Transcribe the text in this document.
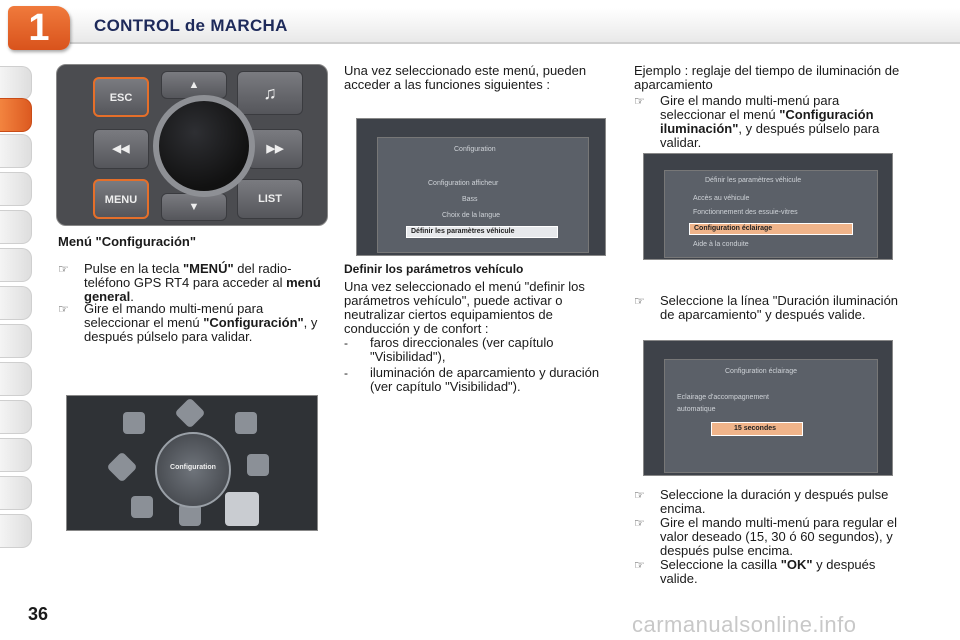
1	CONTROL de MARCHA
ESC
▲	♫
◀◀	▶▶
MENU
▼
LIST
Menú "Configuración"
☞ Pulse en la tecla "MENÚ" del radio-teléfono GPS RT4 para acceder al menú general.
☞ Gire el mando multi-menú para seleccionar el menú "Configuración", y después púlselo para validar.
Configuration
Una vez seleccionado este menú, pueden acceder a las funciones siguientes :
Configuration
Configuration afficheur
Bass
Choix de la langue
Définir les paramètres véhicule
Definir los parámetros vehículo
Una vez seleccionado el menú "definir los parámetros vehículo", puede activar o neutralizar ciertos equipamientos de conducción y de confort :
- faros direccionales (ver capítulo "Visibilidad"),
- iluminación de aparcamiento y duración (ver capítulo "Visibilidad").
Ejemplo : reglaje del tiempo de iluminación de aparcamiento
☞ Gire el mando multi-menú para seleccionar el menú "Configuración iluminación", y después púlselo para validar.
Définir les paramètres véhicule
Accès au véhicule
Fonctionnement des essuie-vitres
Configuration éclairage
Aide à la conduite
☞ Seleccione la línea "Duración iluminación de aparcamiento" y después valide.
Configuration éclairage
Eclairage d'accompagnement
automatique
15 secondes
☞ Seleccione la duración y después pulse encima.
☞ Gire el mando multi-menú para regular el valor deseado (15, 30 ó 60 segundos), y después pulse encima.
☞ Seleccione la casilla "OK" y después valide.
36	carmanualsonline.info
